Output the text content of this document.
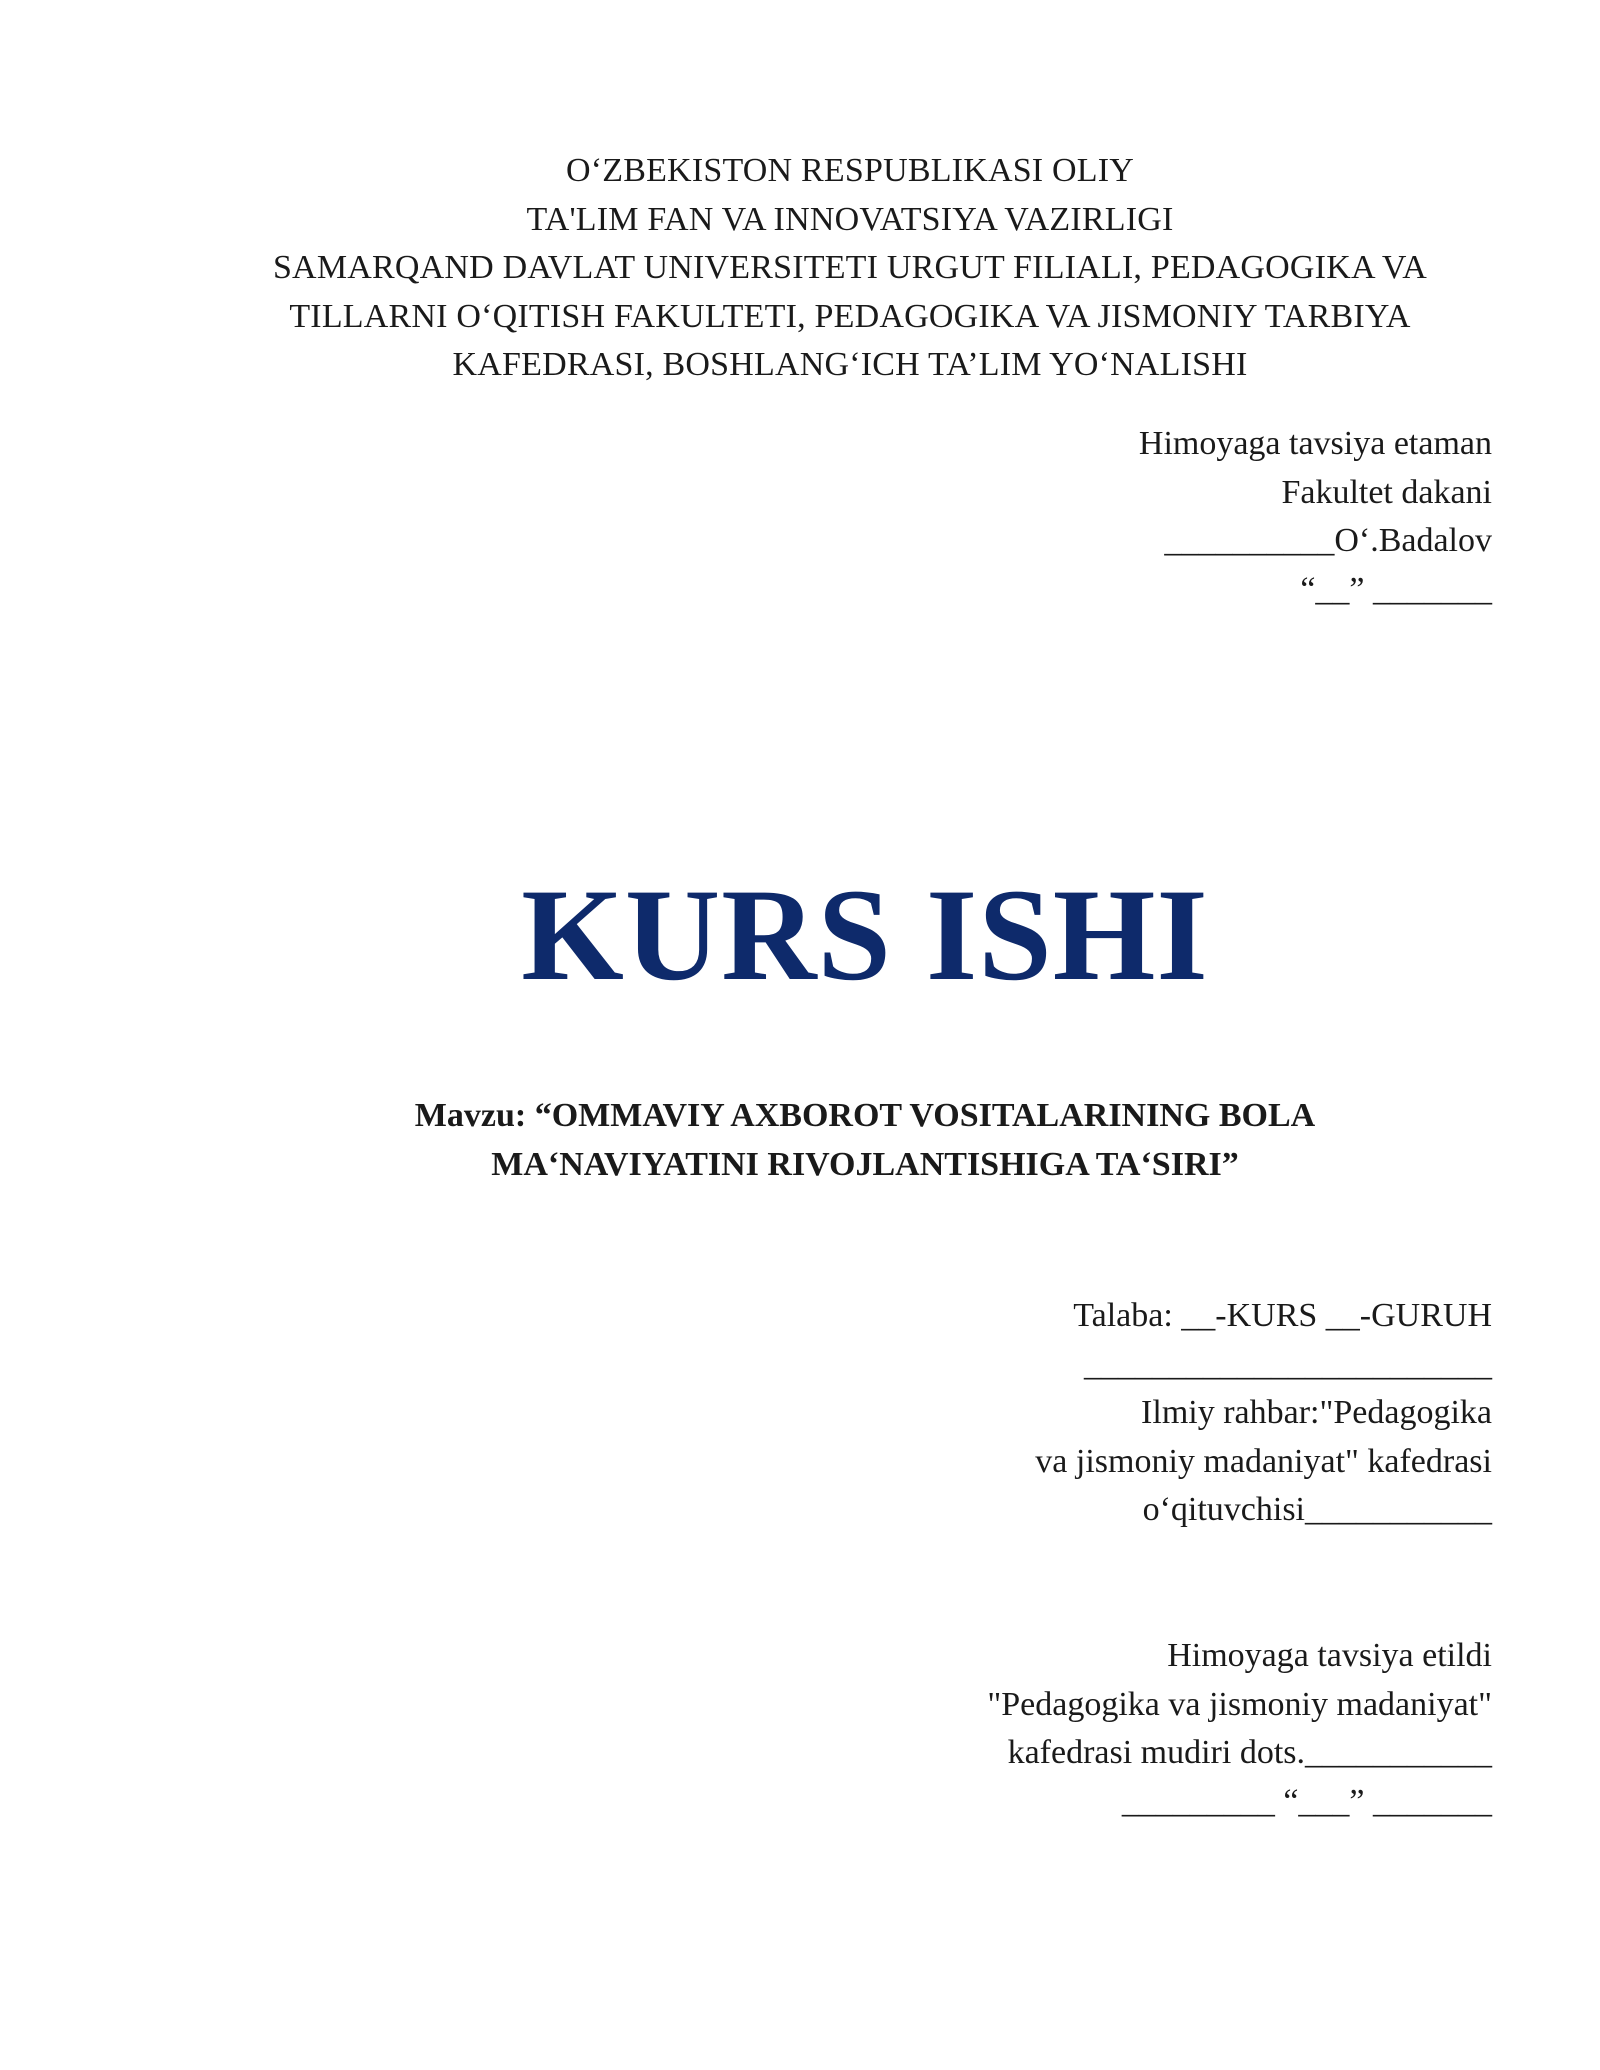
O‘ZBEKISTON RESPUBLIKASI OLIY
TA'LIM FAN VA INNOVATSIYA VAZIRLIGI
SAMARQAND DAVLAT UNIVERSITETI URGUT FILIALI, PEDAGOGIKA VA
TILLARNI O‘QITISH FAKULTETI, PEDAGOGIKA VA JISMONIY TARBIYA
KAFEDRASI, BOSHLANG‘ICH TA’LIM YO‘NALISHI
Himoyaga tavsiya etaman
Fakultet dakani
__________O‘.Badalov
“__” _______
KURS ISHI
Mavzu: “OMMAVIY AXBOROT VOSITALARINING BOLA
MA‘NAVIYATINI RIVOJLANTISHIGA TA‘SIRI”
Talaba: __-KURS __-GURUH
________________________
Ilmiy rahbar:"Pedagogika
va jismoniy madaniyat" kafedrasi
o‘qituvchisi___________
Himoyaga tavsiya etildi
"Pedagogika va jismoniy madaniyat"
kafedrasi mudiri dots.___________
_________ “___” _______
